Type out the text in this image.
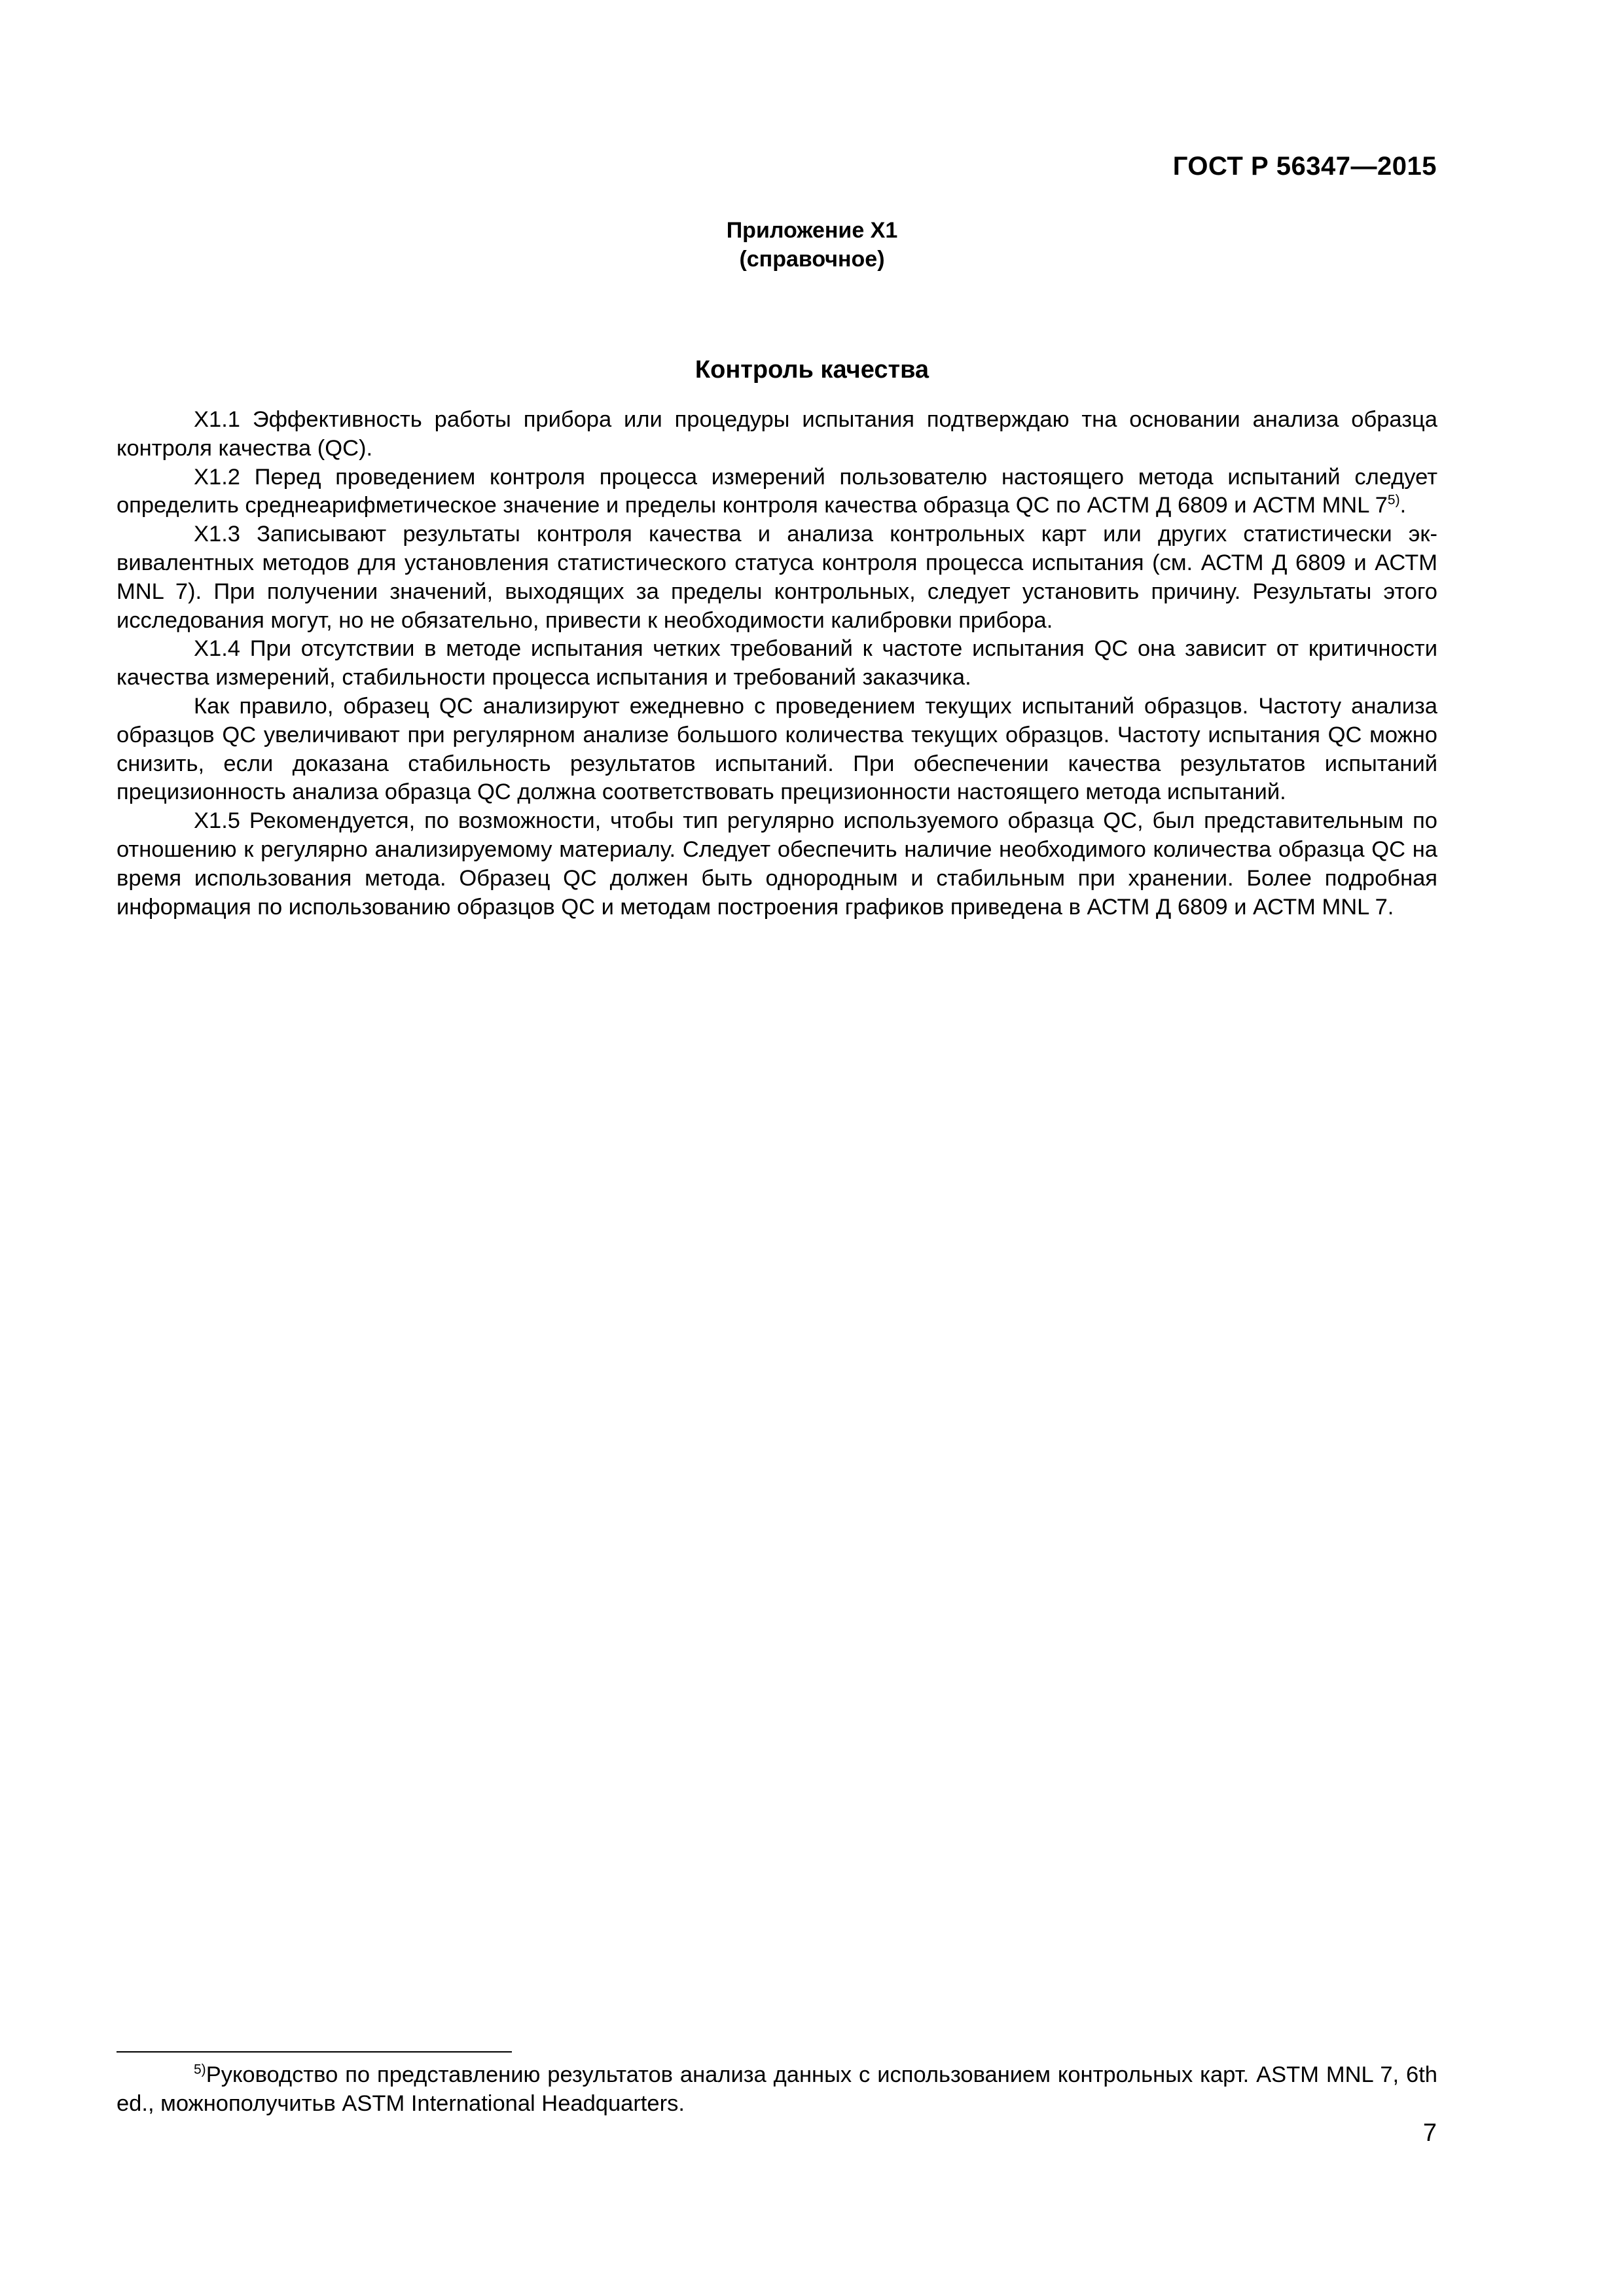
ГОСТ Р 56347—2015
Приложение Х1
(справочное)
Контроль качества

Х1.1 Эффективность работы прибора или процедуры испытания подтверждаю тна основании анализа образца контроля качества (QC).

Х1.2 Перед проведением контроля процесса измерений пользователю настоящего метода испытаний следует определить среднеарифметическое значение и пределы контроля качества образца QC по АСТМ Д 6809 и АСТМ MNL 7$^{5)}$.

Х1.3 Записывают результаты контроля качества и анализа контрольных карт или других статистически эквивалентных методов для установления статистического статуса контроля процесса испытания (см. АСТМ Д 6809 и АСТМ MNL 7). При получении значений, выходящих за пределы контрольных, следует установить причину. Результаты этого исследования могут, но не обязательно, привести к необходимости калибровки прибора.

Х1.4 При отсутствии в методе испытания четких требований к частоте испытания QC она зависит от критичности качества измерений, стабильности процесса испытания и требований заказчика.

Как правило, образец QC анализируют ежедневно с проведением текущих испытаний образцов. Частоту анализа образцов QC увеличивают при регулярном анализе большого количества текущих образцов. Частоту испытания QC можно снизить, если доказана стабильность результатов испытаний. При обеспечении качества результатов испытаний прецизионность анализа образца QC должна соответствовать прецизионности настоящего метода испытаний.

Х1.5 Рекомендуется, по возможности, чтобы тип регулярно используемого образца QC, был представительным по отношению к регулярно анализируемому материалу. Следует обеспечить наличие необходимого количества образца QC на время использования метода. Образец QC должен быть однородным и стабильным при хранении. Более подробная информация по использованию образцов QC и методам построения графиков приведена в АСТМ Д 6809 и АСТМ MNL 7.

$^{5)}$Руководство по представлению результатов анализа данных с использованием контрольных карт. ASTM MNL 7, 6th ed., можнополучитьв ASTM International Headquarters.

7
